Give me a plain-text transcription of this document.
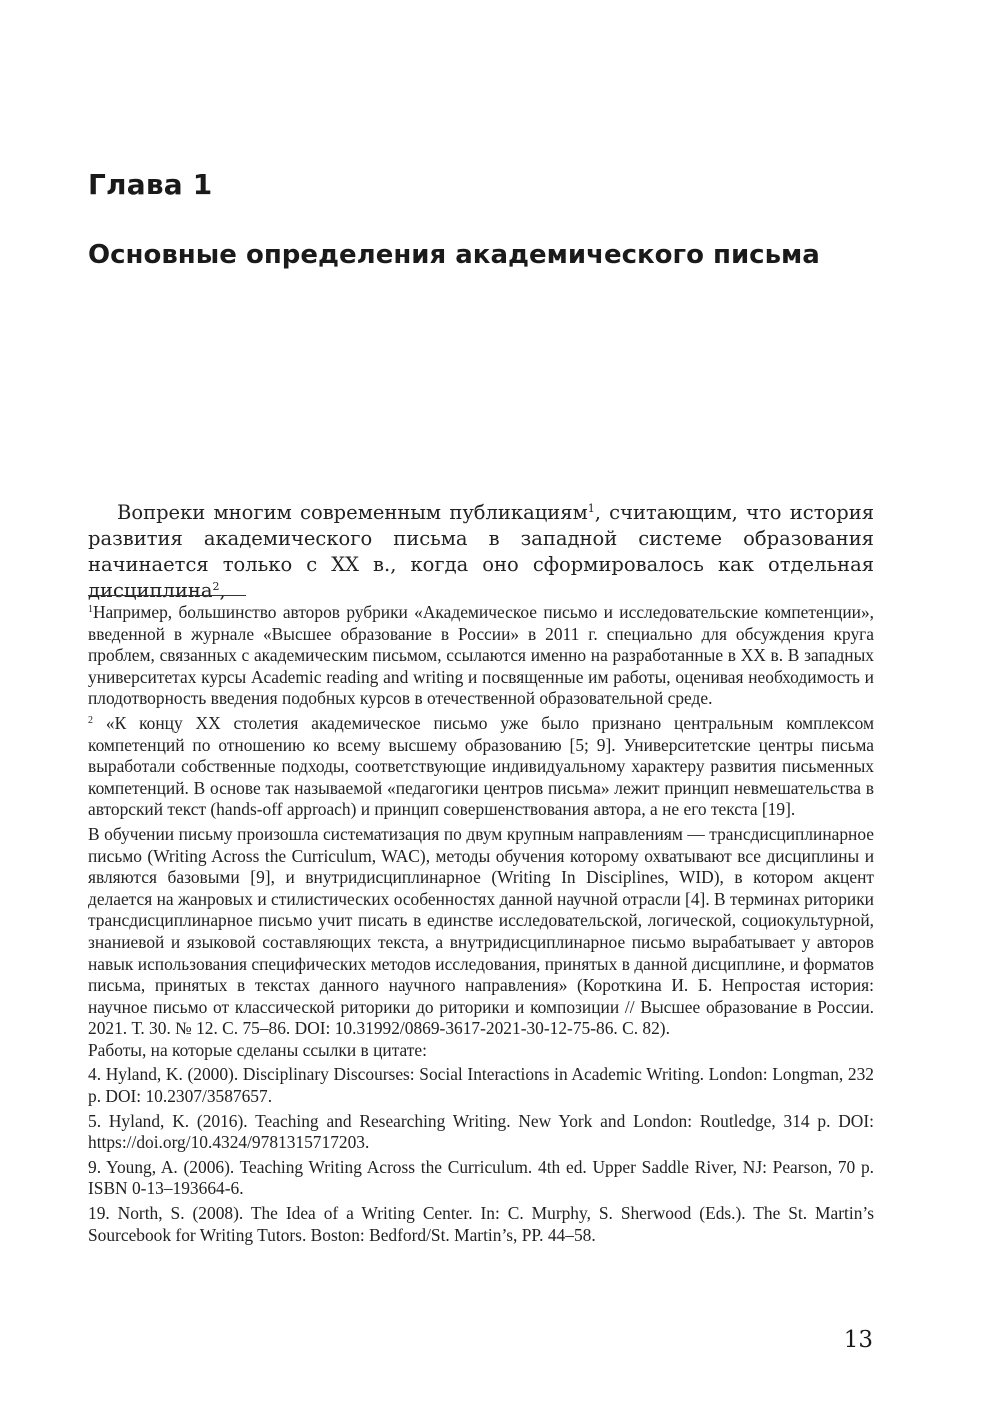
Глава 1
Основные определения академического письма

Вопреки многим современным публикациям$^1$, считающим, что история развития академического письма в западной системе образования начинается только с XX в., когда оно сформировалось как отдельная дисциплина$^2$,

$^1$Например, большинство авторов рубрики «Академическое письмо и исследовательские компетенции», введенной в журнале «Высшее образование в России» в 2011 г. специально для обсуждения круга проблем, связанных с академическим письмом, ссылаются именно на разработанные в XX в. В западных университетах курсы Academic reading and writing и посвященные им работы, оценивая необходимость и плодотворность введения подобных курсов в отечественной образовательной среде.

$^2$ «К концу XX столетия академическое письмо уже было признано центральным комплексом компетенций по отношению ко всему высшему образованию [5; 9]. Университетские центры письма выработали собственные подходы, соответствующие индивидуальному характеру развития письменных компетенций. В основе так называемой «педагогики центров письма» лежит принцип невмешательства в авторский текст (hands-off approach) и принцип совершенствования автора, а не его текста [19].

В обучении письму произошла систематизация по двум крупным направлениям — трансдисциплинарное письмо (Writing Across the Curriculum, WAC), методы обучения которому охватывают все дисциплины и являются базовыми [9], и внутридисциплинарное (Writing In Disciplines, WID), в котором акцент делается на жанровых и стилистических особенностях данной научной отрасли [4]. В терминах риторики трансдисциплинарное письмо учит писать в единстве исследовательской, логической, социокультурной, знаниевой и языковой составляющих текста, а внутридисциплинарное письмо вырабатывает у авторов навык использования специфических методов исследования, принятых в данной дисциплине, и форматов письма, принятых в текстах данного научного направления» (Короткина И. Б. Непростая история: научное письмо от классической риторики до риторики и композиции // Высшее образование в России. 2021. Т. 30. № 12. С. 75–86. DOI: 10.31992/0869-3617-2021-30-12-75-86. С. 82).

Работы, на которые сделаны ссылки в цитате:

4. Hyland, K. (2000). Disciplinary Discourses: Social Interactions in Academic Writing. London: Longman, 232 p. DOI: 10.2307/3587657.

5. Hyland, K. (2016). Teaching and Researching Writing. New York and London: Routledge, 314 p. DOI: https://doi.org/10.4324/9781315717203.

9. Young, A. (2006). Teaching Writing Across the Curriculum. 4th ed. Upper Saddle River, NJ: Pearson, 70 p. ISBN 0-13–193664-6.

19. North, S. (2008). The Idea of a Writing Center. In: C. Murphy, S. Sherwood (Eds.). The St. Martin’s Sourcebook for Writing Tutors. Boston: Bedford/St. Martin’s, PP. 44–58.

13
